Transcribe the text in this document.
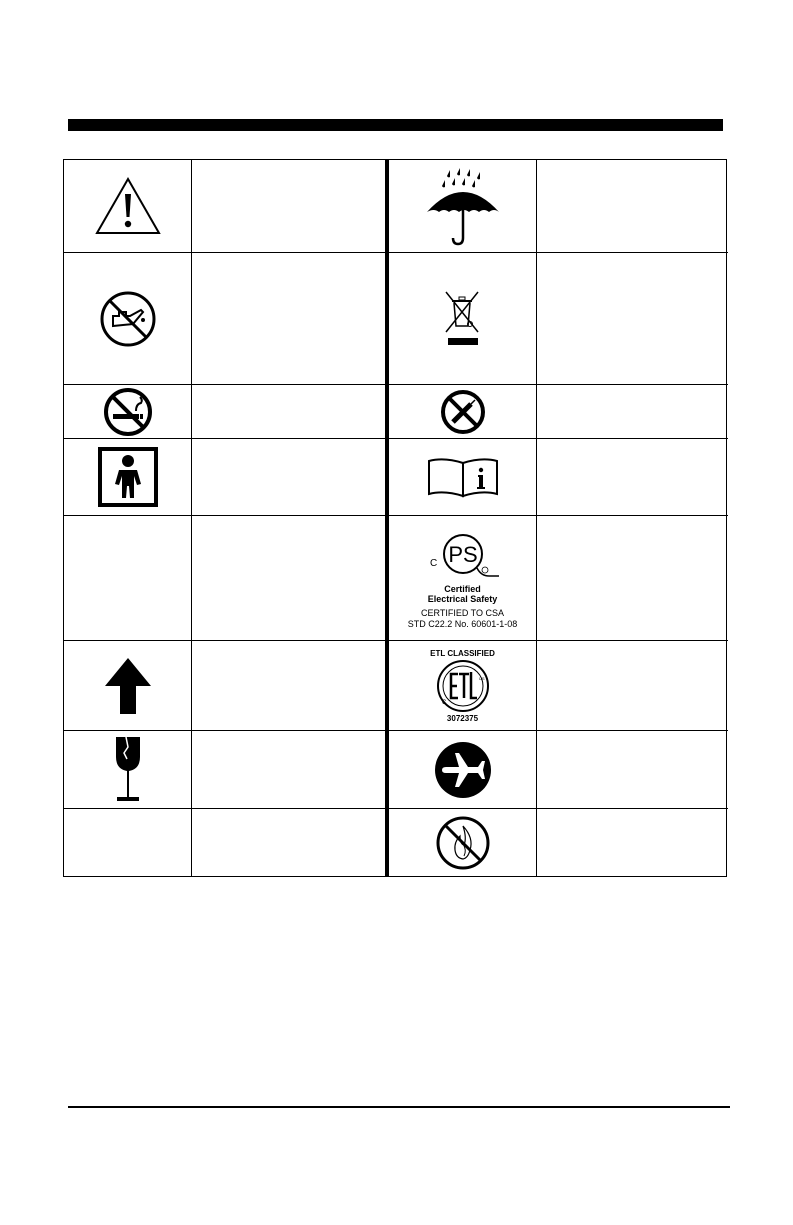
C PS
Certified
Electrical Safety
CERTIFIED TO CSA
STD C22.2 No. 60601-1-08
ETL CLASSIFIED
C
US
3072375
